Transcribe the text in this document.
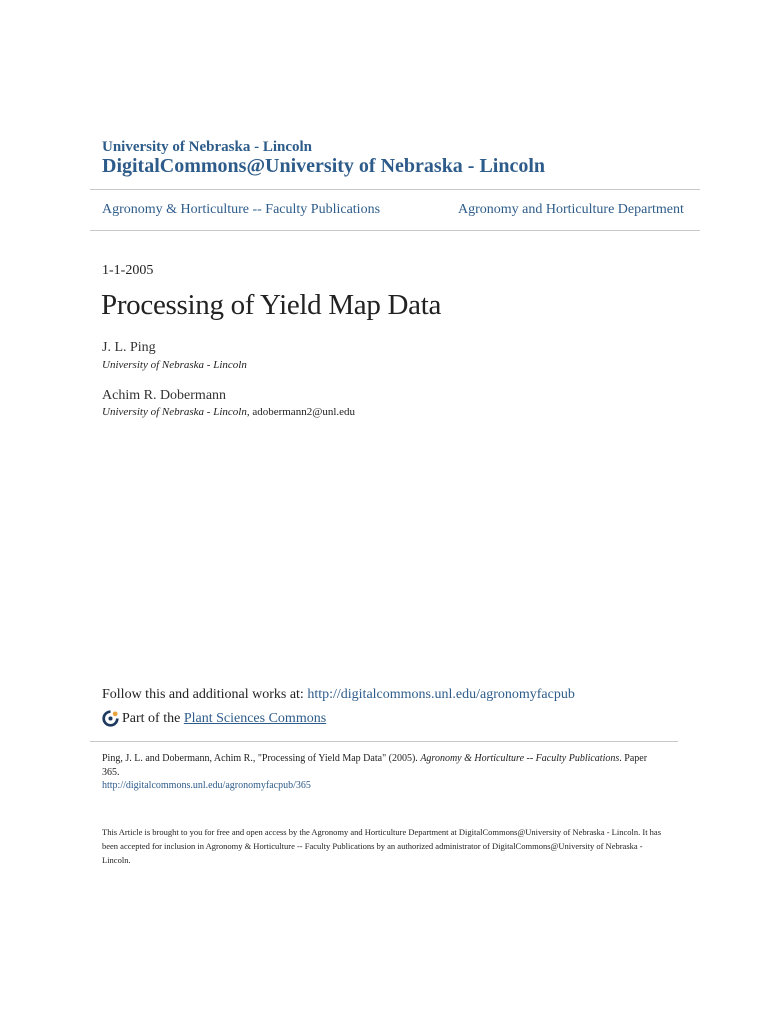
University of Nebraska - Lincoln
DigitalCommons@University of Nebraska - Lincoln
Agronomy & Horticulture -- Faculty Publications	Agronomy and Horticulture Department
1-1-2005
Processing of Yield Map Data
J. L. Ping
University of Nebraska - Lincoln
Achim R. Dobermann
University of Nebraska - Lincoln, adobermann2@unl.edu
Follow this and additional works at: http://digitalcommons.unl.edu/agronomyfacpub
Part of the Plant Sciences Commons
Ping, J. L. and Dobermann, Achim R., "Processing of Yield Map Data" (2005). Agronomy & Horticulture -- Faculty Publications. Paper 365.
http://digitalcommons.unl.edu/agronomyfacpub/365
This Article is brought to you for free and open access by the Agronomy and Horticulture Department at DigitalCommons@University of Nebraska - Lincoln. It has been accepted for inclusion in Agronomy & Horticulture -- Faculty Publications by an authorized administrator of DigitalCommons@University of Nebraska - Lincoln.
